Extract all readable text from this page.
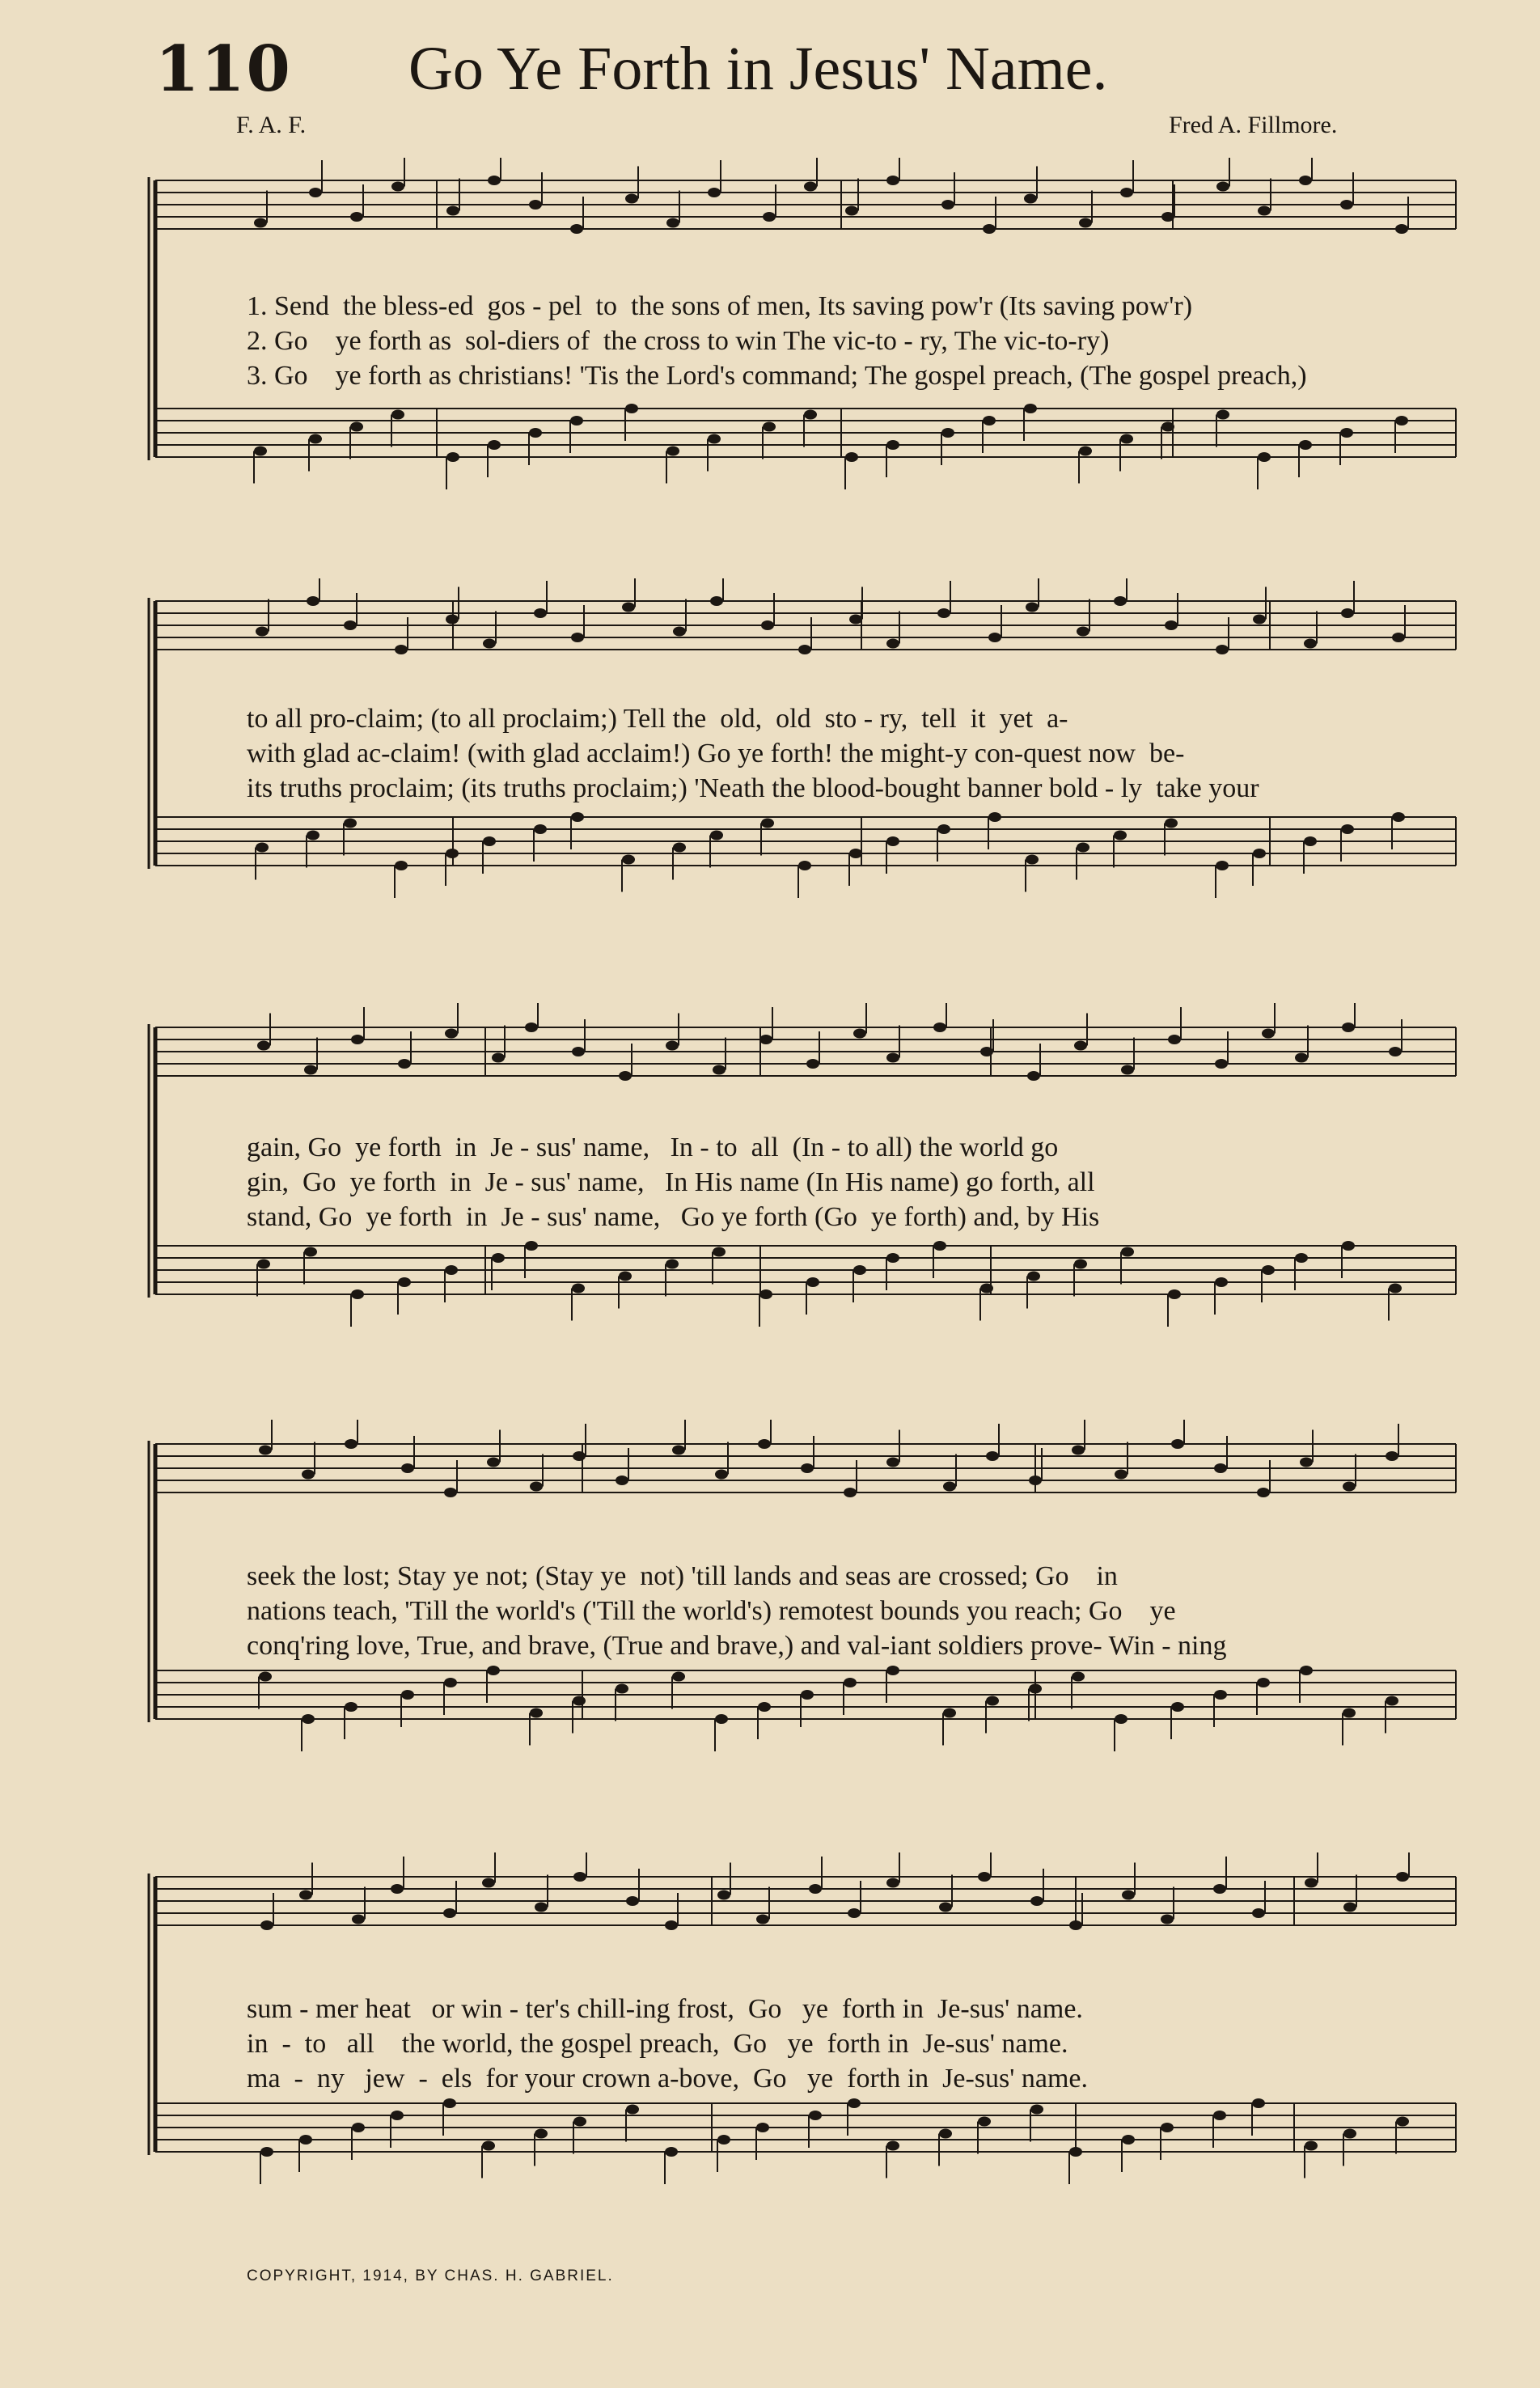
110 Go Ye Forth in Jesus' Name.
F. A. F.	Fred A. Fillmore.
1. Send  the bless-ed  gos - pel  to  the sons of men, Its saving pow'r (Its saving pow'r)
2. Go    ye forth as  sol-diers of  the cross to win The vic-to - ry, The vic-to-ry)
3. Go    ye forth as christians! 'Tis the Lord's command; The gospel preach, (The gospel preach,)
to all pro-claim; (to all proclaim;) Tell the  old,  old  sto - ry,  tell  it  yet  a-
with glad ac-claim! (with glad acclaim!) Go ye forth! the might-y con-quest now  be-
its truths proclaim; (its truths proclaim;) 'Neath the blood-bought banner bold - ly  take your
gain, Go  ye forth  in  Je - sus' name,   In - to  all  (In - to all) the world go
gin,  Go  ye forth  in  Je - sus' name,   In His name (In His name) go forth, all
stand, Go  ye forth  in  Je - sus' name,   Go ye forth (Go  ye forth) and, by His
seek the lost; Stay ye not; (Stay ye  not) 'till lands and seas are crossed; Go    in
nations teach, 'Till the world's ('Till the world's) remotest bounds you reach; Go    ye
conq'ring love, True, and brave, (True and brave,) and val-iant soldiers prove- Win - ning
sum - mer heat   or win - ter's chill-ing frost,  Go   ye  forth in  Je-sus' name.
in  -  to   all    the world, the gospel preach,  Go   ye  forth in  Je-sus' name.
ma  -  ny   jew  -  els  for your crown a-bove,  Go   ye  forth in  Je-sus' name.
COPYRIGHT, 1914, BY CHAS. H. GABRIEL.
